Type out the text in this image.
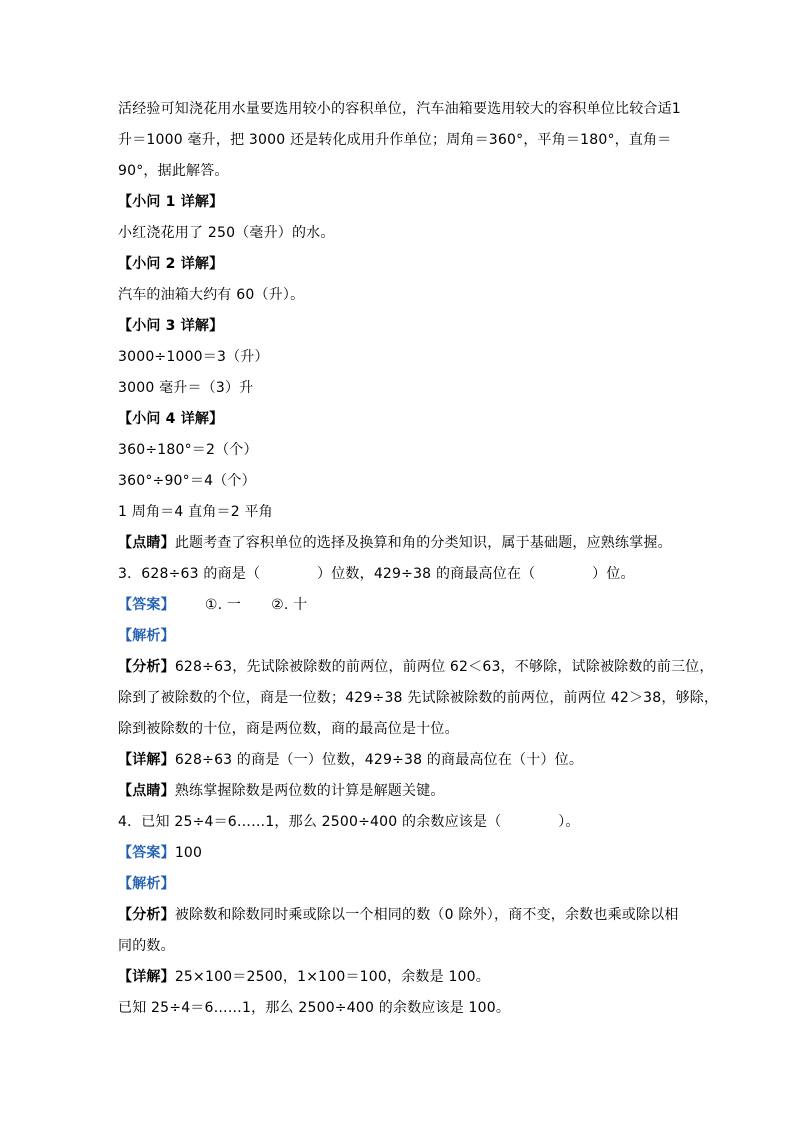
活经验可知浇花用水量要选用较小的容积单位，汽车油箱要选用较大的容积单位比较合适1
升＝1000 毫升，把 3000 还是转化成用升作单位；周角＝360°，平角＝180°，直角＝
90°，据此解答。
【小问 1 详解】
小红浇花用了 250（毫升）的水。
【小问 2 详解】
汽车的油箱大约有 60（升）。
【小问 3 详解】
3000÷1000＝3（升）
3000 毫升＝（3）升
【小问 4 详解】
360÷180°＝2（个）
360°÷90°＝4（个）
1 周角＝4 直角＝2 平角
【点睛】此题考查了容积单位的选择及换算和角的分类知识，属于基础题，应熟练掌握。
3．628÷63 的商是（　　　　）位数，429÷38 的商最高位在（　　　　）位。
【答案】 ①. 一 ②. 十
【解析】
【分析】628÷63，先试除被除数的前两位，前两位 62＜63，不够除，试除被除数的前三位，
除到了被除数的个位，商是一位数；429÷38 先试除被除数的前两位，前两位 42＞38，够除，
除到被除数的十位，商是两位数，商的最高位是十位。
【详解】628÷63 的商是（一）位数，429÷38 的商最高位在（十）位。
【点睛】熟练掌握除数是两位数的计算是解题关键。
4．已知 25÷4＝6……1，那么 2500÷400 的余数应该是（　　　　）。
【答案】100
【解析】
【分析】被除数和除数同时乘或除以一个相同的数（0 除外），商不变，余数也乘或除以相
同的数。
【详解】25×100＝2500，1×100＝100，余数是 100。
已知 25÷4＝6……1，那么 2500÷400 的余数应该是 100。
